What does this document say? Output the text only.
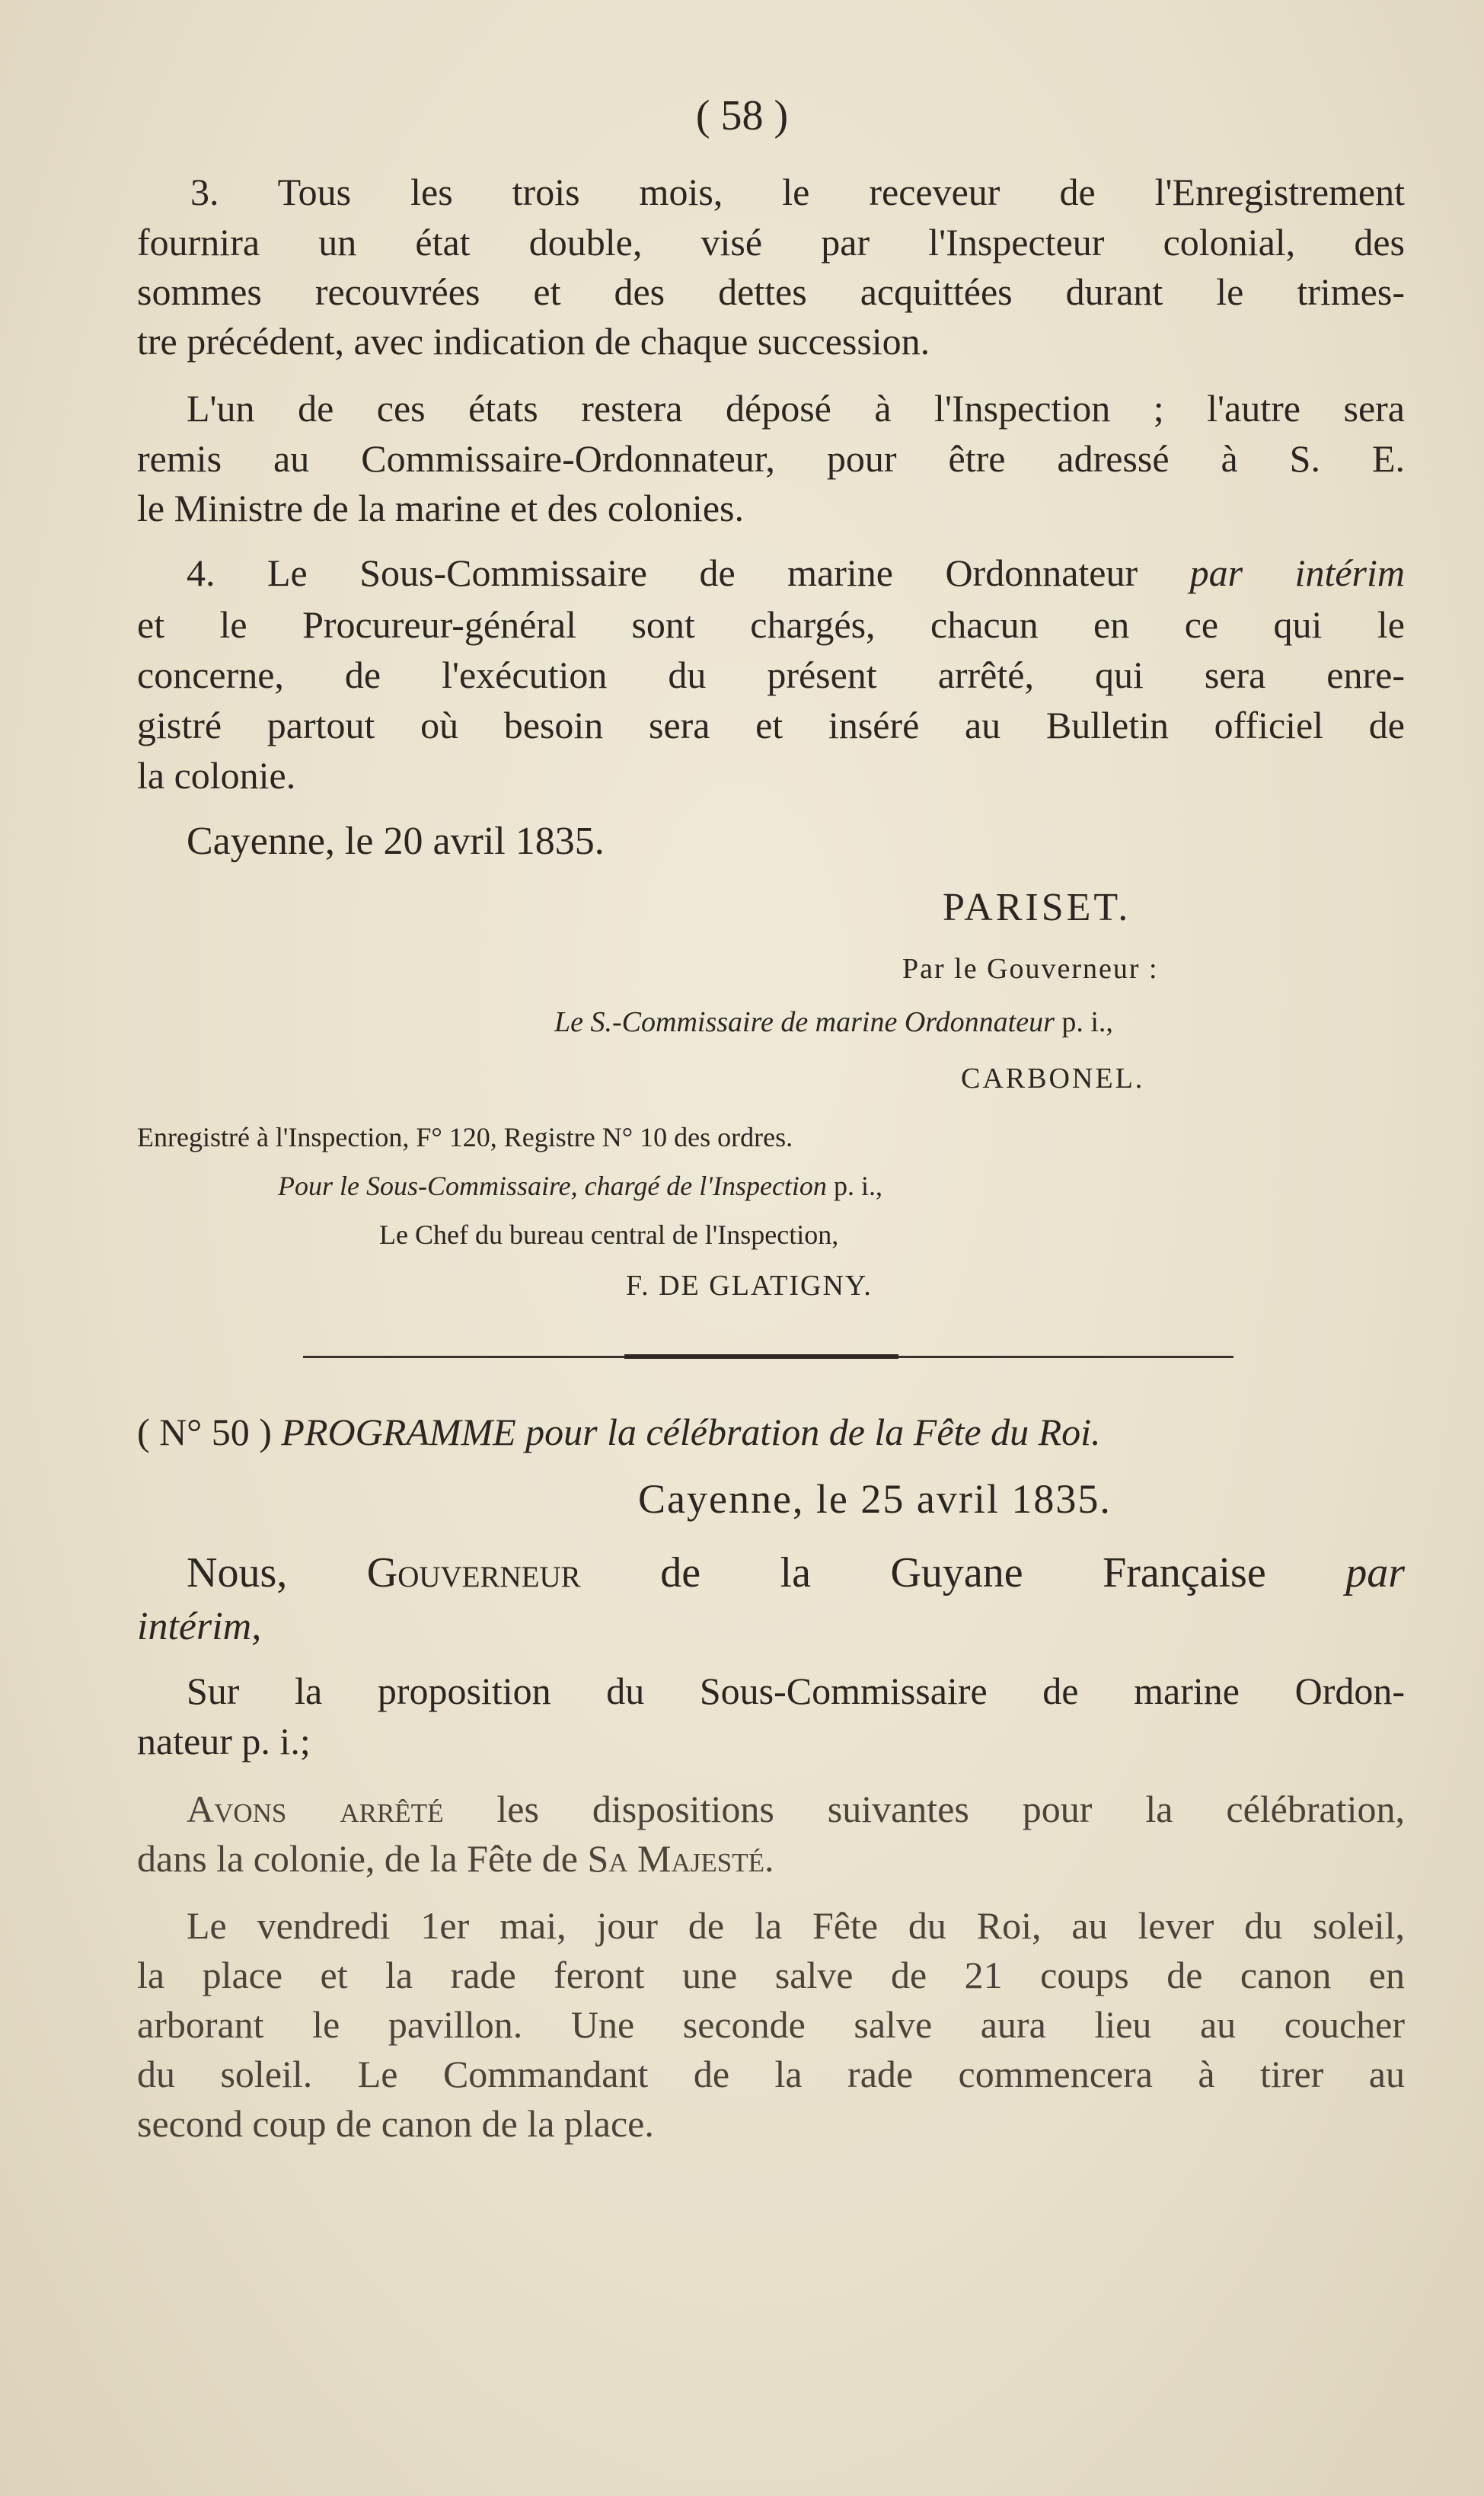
( 58 )
3. Tous les trois mois, le receveur de l'Enregistrement
fournira un état double, visé par l'Inspecteur colonial, des
sommes recouvrées et des dettes acquittées durant le trimes-
tre précédent, avec indication de chaque succession.
L'un de ces états restera déposé à l'Inspection ; l'autre sera
remis au Commissaire-Ordonnateur, pour être adressé à S. E.
le Ministre de la marine et des colonies.
4. Le Sous-Commissaire de marine Ordonnateur par intérim
et le Procureur-général sont chargés, chacun en ce qui le
concerne, de l'exécution du présent arrêté, qui sera enre-
gistré partout où besoin sera et inséré au Bulletin officiel de
la colonie.
Cayenne, le 20 avril 1835.
PARISET.
Par le Gouverneur :
Le S.-Commissaire de marine Ordonnateur p. i.,
CARBONEL.
Enregistré à l'Inspection, F° 120, Registre N° 10 des ordres.
Pour le Sous-Commissaire, chargé de l'Inspection p. i.,
Le Chef du bureau central de l'Inspection,
F. DE GLATIGNY.
( N° 50 ) PROGRAMME pour la célébration de la Fête du Roi.
Cayenne, le 25 avril 1835.
Nous, Gouverneur de la Guyane Française par
intérim,
Sur la proposition du Sous-Commissaire de marine Ordon-
nateur p. i.;
Avons arrêté les dispositions suivantes pour la célébration,
dans la colonie, de la Fête de Sa Majesté.
Le vendredi 1er mai, jour de la Fête du Roi, au lever du soleil,
la place et la rade feront une salve de 21 coups de canon en
arborant le pavillon. Une seconde salve aura lieu au coucher
du soleil. Le Commandant de la rade commencera à tirer au
second coup de canon de la place.
